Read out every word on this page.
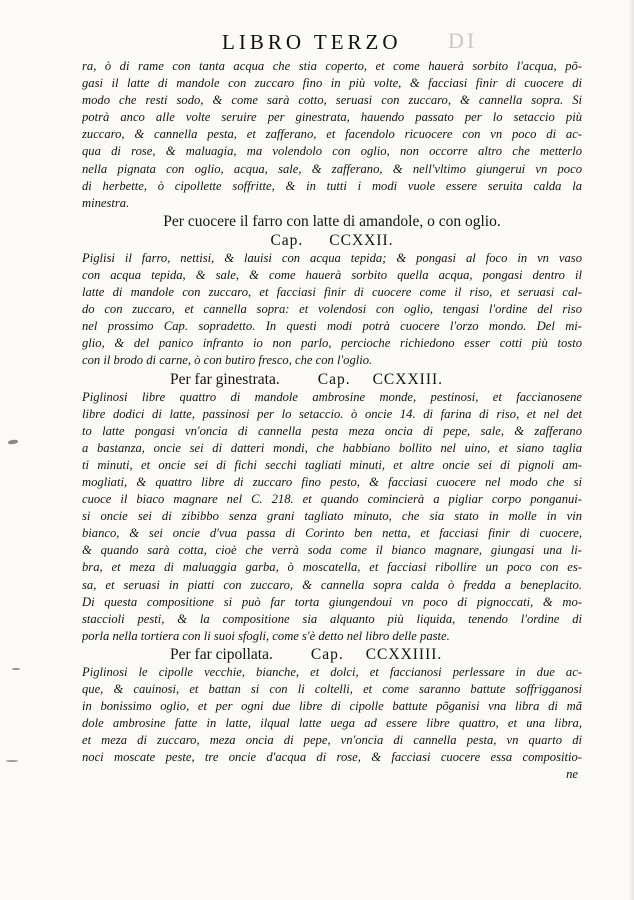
LIBRO TERZO DI
ra, ò di rame con tanta acqua che stia coperto, et come hauerà sorbito l'acqua, põ-
gasi il latte di mandole con zuccaro fino in più volte, & facciasi finir di cuocere di
modo che resti sodo, & come sarà cotto, seruasi con zuccaro, & cannella sopra. Si
potrà anco alle volte seruire per ginestrata, hauendo passato per lo setaccio più
zuccaro, & cannella pesta, et zafferano, et facendolo ricuocere con vn poco di ac-
qua di rose, & maluagia, ma volendolo con oglio, non occorre altro che metterlo
nella pignata con oglio, acqua, sale, & zafferano, & nell'vltimo giungerui vn poco
di herbette, ò cipollette soffritte, & in tutti i modi vuole essere seruita calda la
minestra.
Per cuocere il farro con latte di amandole, o con oglio.
Cap. CCXXII.
Piglisi il farro, nettisi, & lauisi con acqua tepida; & pongasi al foco in vn vaso
con acqua tepida, & sale, & come hauerà sorbito quella acqua, pongasi dentro il
latte di mandole con zuccaro, et facciasi finir di cuocere come il riso, et seruasi cal-
do con zuccaro, et cannella sopra: et volendosi con oglio, tengasi l'ordine del riso
nel prossimo Cap. sopradetto. In questi modi potrà cuocere l'orzo mondo. Del mi-
glio, & del panico infranto io non parlo, percioche richiedono esser cotti più tosto
con il brodo di carne, ò con butiro fresco, che con l'oglio.
Per far ginestrata. Cap. CCXXIII.
Piglinosi libre quattro di mandole ambrosine monde, pestinosi, et faccianosene
libre dodici di latte, passinosi per lo setaccio. ò oncie 14. di farina di riso, et nel det
to latte pongasi vn'oncia di cannella pesta meza oncia di pepe, sale, & zafferano
a bastanza, oncie sei di datteri mondi, che habbiano bollito nel uino, et siano taglia
ti minuti, et oncie sei di fichi secchi tagliati minuti, et altre oncie sei di pignoli am-
mogliati, & quattro libre di zuccaro fino pesto, & facciasi cuocere nel modo che si
cuoce il biaco magnare nel C. 218. et quando comincierà a pigliar corpo ponganui-
si oncie sei di zibibbo senza grani tagliato minuto, che sia stato in molle in vin
bianco, & sei oncie d'vua passa di Corinto ben netta, et facciasi finir di cuocere,
& quando sarà cotta, cioè che verrà soda come il bianco magnare, giungasi una li-
bra, et meza di maluaggia garba, ò moscatella, et facciasi ribollire un poco con es-
sa, et seruasi in piatti con zuccaro, & cannella sopra calda ò fredda a beneplacito.
Di questa compositione si può far torta giungendoui vn poco di pignoccati, & mo-
staccioli pesti, & la compositione sia alquanto più liquida, tenendo l'ordine di
porla nella tortiera con li suoi sfogli, come s'è detto nel libro delle paste.
Per far cipollata. Cap. CCXXIIII.
Piglinosi le cipolle vecchie, bianche, et dolci, et faccianosi perlessare in due ac-
que, & cauinosi, et battan si con li coltelli, et come saranno battute soffrigganosi
in bonissimo oglio, et per ogni due libre di cipolle battute põganisi vna libra di mã
dole ambrosine fatte in latte, ilqual latte uega ad essere libre quattro, et una libra,
et meza di zuccaro, meza oncia di pepe, vn'oncia di cannella pesta, vn quarto di
noci moscate peste, tre oncie d'acqua di rose, & facciasi cuocere essa compositio-
ne
